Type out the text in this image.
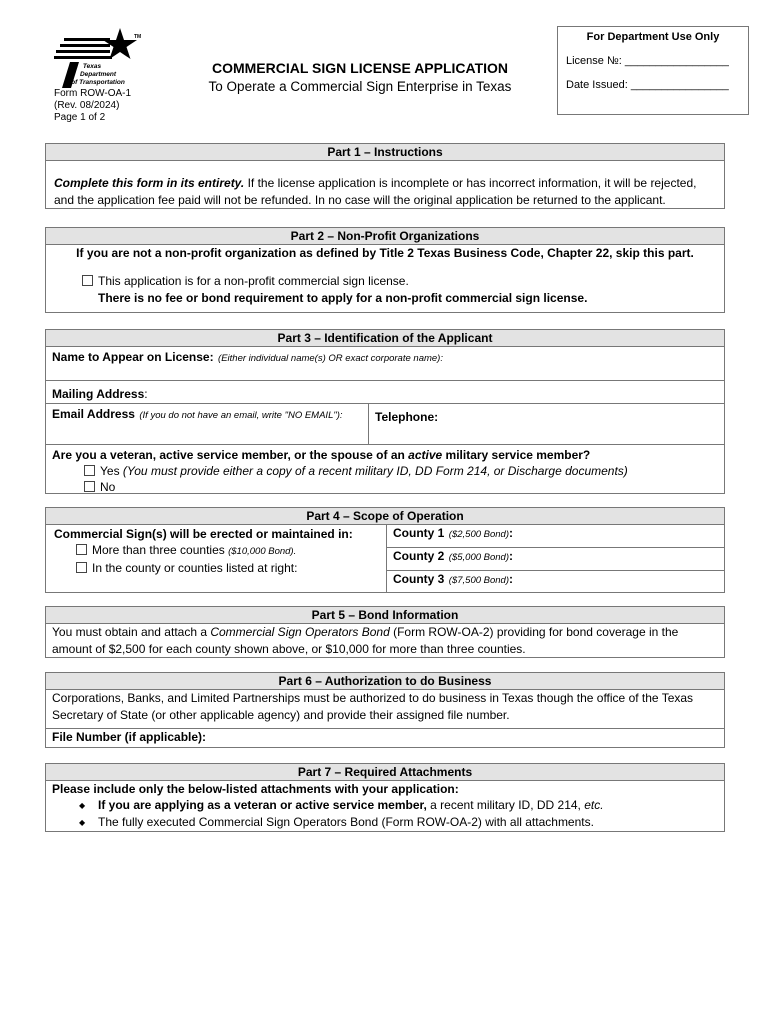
TM
Texas
Department
of Transportation
Form ROW-OA-1
(Rev. 08/2024)
Page 1 of 2
COMMERCIAL SIGN LICENSE APPLICATION
To Operate a Commercial Sign Enterprise in Texas
For Department Use Only
License №: _________________
Date Issued: ________________
Part 1 – Instructions
Complete this form in its entirety. If the license application is incomplete or has incorrect information, it will be rejected, and the application fee paid will not be refunded. In no case will the original application be returned to the applicant.
Part 2 – Non-Profit Organizations
If you are not a non-profit organization as defined by Title 2 Texas Business Code, Chapter 22, skip this part.
This application is for a non-profit commercial sign license.
There is no fee or bond requirement to apply for a non-profit commercial sign license.
Part 3 – Identification of the Applicant
Name to Appear on License: (Either individual name(s) OR exact corporate name):
Mailing Address:
Email Address (If you do not have an email, write "NO EMAIL"):	Telephone:
Are you a veteran, active service member, or the spouse of an active military service member?
Yes (You must provide either a copy of a recent military ID, DD Form 214, or Discharge documents)
No
Part 4 – Scope of Operation
Commercial Sign(s) will be erected or maintained in:
More than three counties ($10,000 Bond).
In the county or counties listed at right:
County 1 ($2,500 Bond):
County 2 ($5,000 Bond):
County 3 ($7,500 Bond):
Part 5 – Bond Information
You must obtain and attach a Commercial Sign Operators Bond (Form ROW-OA-2) providing for bond coverage in the amount of $2,500 for each county shown above, or $10,000 for more than three counties.
Part 6 – Authorization to do Business
Corporations, Banks, and Limited Partnerships must be authorized to do business in Texas though the office of the Texas Secretary of State (or other applicable agency) and provide their assigned file number.
File Number (if applicable):
Part 7 – Required Attachments
Please include only the below-listed attachments with your application:
◆ If you are applying as a veteran or active service member, a recent military ID, DD 214, etc.
◆ The fully executed Commercial Sign Operators Bond (Form ROW-OA-2) with all attachments.
